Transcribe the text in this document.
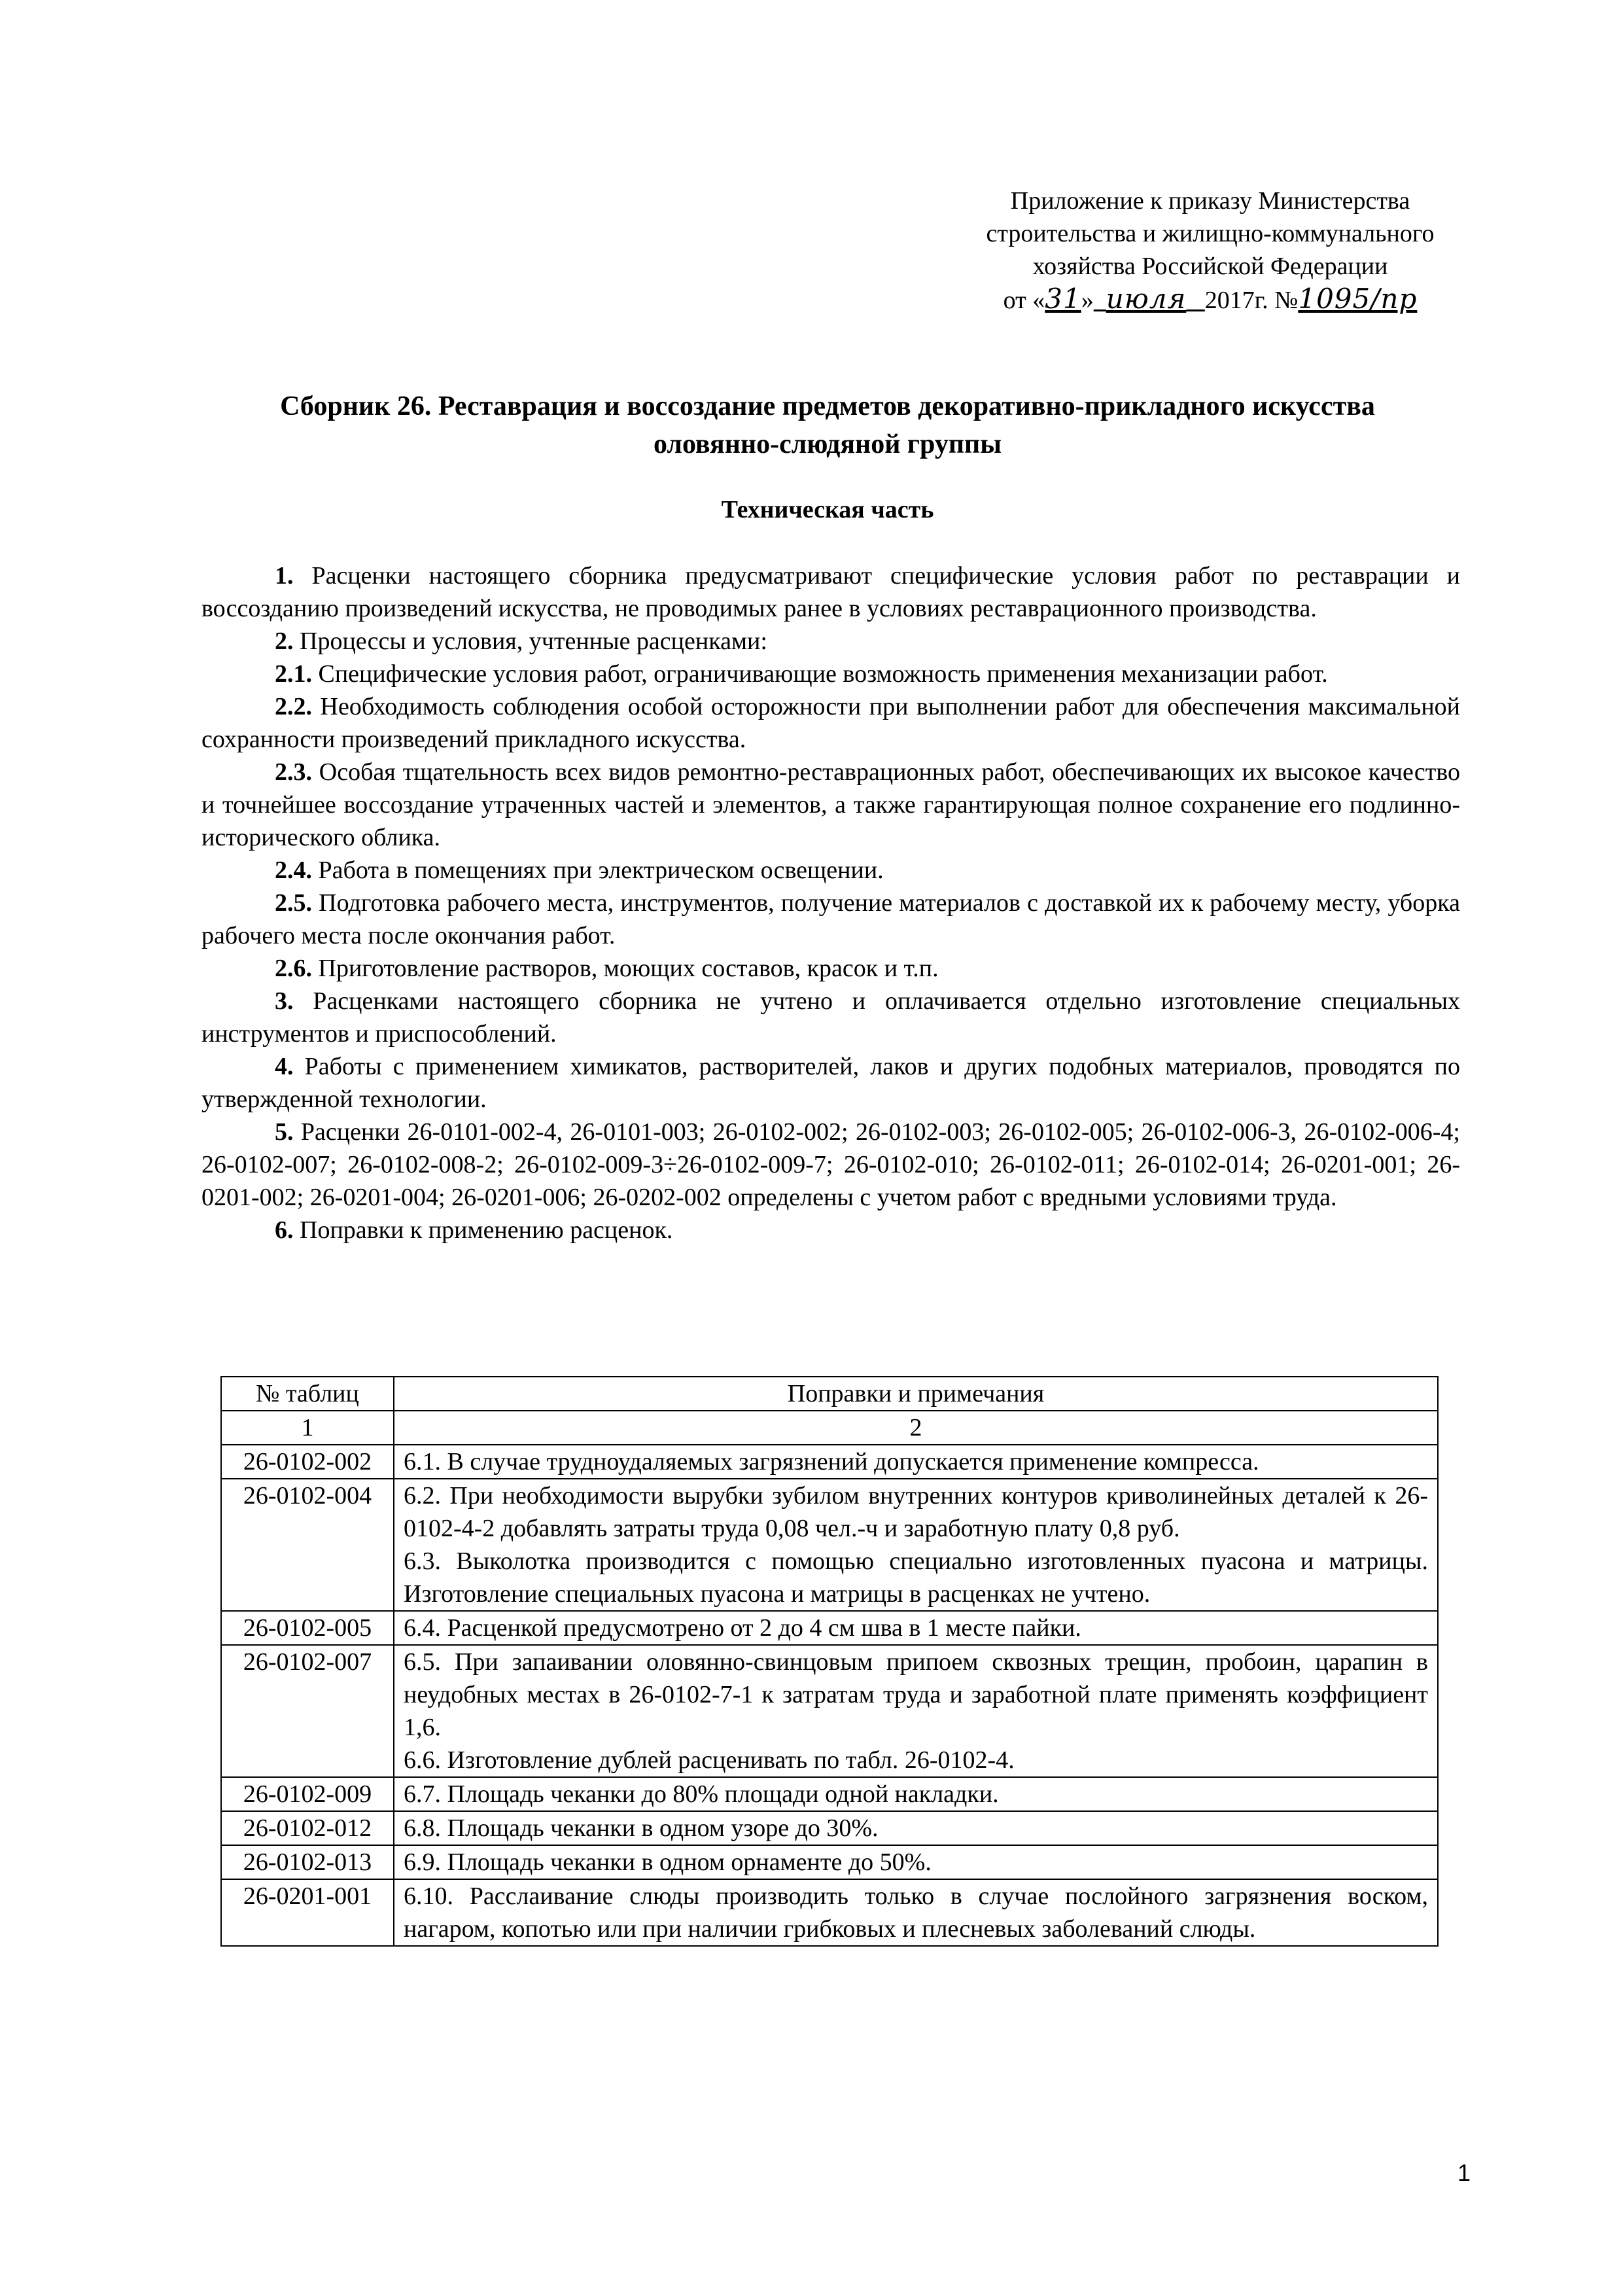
Приложение к приказу Министерства
строительства и жилищно-коммунального
хозяйства Российской Федерации
от «31» июля 2017г. №1095/пр
Сборник 26. Реставрация и воссоздание предметов декоративно-прикладного искусства
оловянно-слюдяной группы
Техническая часть

1. Расценки настоящего сборника предусматривают специфические условия работ по реставрации и воссозданию произведений искусства, не проводимых ранее в условиях реставрационного производства.

2. Процессы и условия, учтенные расценками:

2.1. Специфические условия работ, ограничивающие возможность применения механизации работ.

2.2. Необходимость соблюдения особой осторожности при выполнении работ для обеспечения максимальной сохранности произведений прикладного искусства.

2.3. Особая тщательность всех видов ремонтно-реставрационных работ, обеспечивающих их высокое качество и точнейшее воссоздание утраченных частей и элементов, а также гарантирующая полное сохранение его подлинно-исторического облика.

2.4. Работа в помещениях при электрическом освещении.

2.5. Подготовка рабочего места, инструментов, получение материалов с доставкой их к рабочему месту, уборка рабочего места после окончания работ.

2.6. Приготовление растворов, моющих составов, красок и т.п.

3. Расценками настоящего сборника не учтено и оплачивается отдельно изготовление специальных инструментов и приспособлений.

4. Работы с применением химикатов, растворителей, лаков и других подобных материалов, проводятся по утвержденной технологии.

5. Расценки 26-0101-002-4, 26-0101-003; 26-0102-002; 26-0102-003; 26-0102-005; 26-0102-006-3, 26-0102-006-4; 26-0102-007; 26-0102-008-2; 26-0102-009-3÷26-0102-009-7; 26-0102-010; 26-0102-011; 26-0102-014; 26-0201-001; 26-0201-002; 26-0201-004; 26-0201-006; 26-0202-002 определены с учетом работ с вредными условиями труда.

6. Поправки к применению расценок.

№ таблиц	Поправки и примечания
1	2
26-0102-002	6.1. В случае трудноудаляемых загрязнений допускается применение компресса.

26-0102-004	6.2. При необходимости вырубки зубилом внутренних контуров криволинейных деталей к 26-0102-4-2 добавлять затраты труда 0,08 чел.-ч и заработную плату 0,8 руб.
6.3. Выколотка производится с помощью специально изготовленных пуасона и матрицы. Изготовление специальных пуасона и матрицы в расценках не учтено.

26-0102-005	6.4. Расценкой предусмотрено от 2 до 4 см шва в 1 месте пайки.

26-0102-007	6.5. При запаивании оловянно-свинцовым припоем сквозных трещин, пробоин, царапин в неудобных местах в 26-0102-7-1 к затратам труда и заработной плате применять коэффициент 1,6.
6.6. Изготовление дублей расценивать по табл. 26-0102-4.

26-0102-009	6.7. Площадь чеканки до 80% площади одной накладки.

26-0102-012	6.8. Площадь чеканки в одном узоре до 30%.

26-0102-013	6.9. Площадь чеканки в одном орнаменте до 50%.

26-0201-001	6.10. Расслаивание слюды производить только в случае послойного загрязнения воском, нагаром, копотью или при наличии грибковых и плесневых заболеваний слюды.
1
